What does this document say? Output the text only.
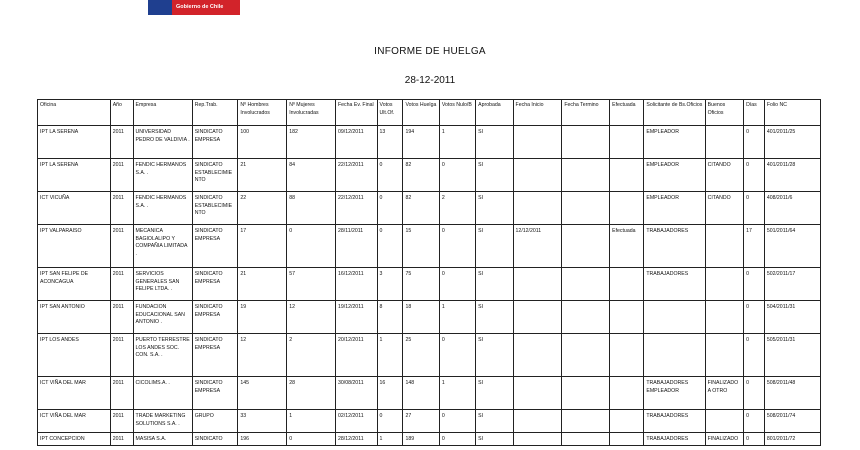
Gobierno de Chile
INFORME DE HUELGA
28-12-2011
Oficina	Año	Empresa	Rep.Trab.	Nº Hombres Involucrados	Nº Mujeres Involucradas	Fecha Ev. Final	Votos Ult.Of.	Votos Huelga	Votos Nulo/B	Aprobada	Fecha Inicio	Fecha Termino	Efectuada	Solicitante de Bs.Oficios	Buenos Oficios	Días	Folio NC
IPT LA SERENA	2011	UNIVERSIDAD PEDRO DE VALDIVIA .	SINDICATO EMPRESA	100	182	09/12/2011	13	194	1	SI				EMPLEADOR		0	401/2011/25
IPT LA SERENA	2011	FENDIC HERMANOS S.A. .	SINDICATO ESTABLECIMIENTO	21	84	22/12/2011	0	82	0	SI				EMPLEADOR	CITANDO	0	401/2011/28
ICT VICUÑA	2011	FENDIC HERMANOS S.A. .	SINDICATO ESTABLECIMIENTO	22	88	22/12/2011	0	82	2	SI				EMPLEADOR	CITANDO	0	408/2011/6
IPT VALPARAISO	2011	MECANICA BAGIOLALIPO Y COMPAÑIA LIMITADA .	SINDICATO EMPRESA	17	0	28/11/2011	0	15	0	SI	12/12/2011		Efectuada	TRABAJADORES		17	501/2011/64
IPT SAN FELIPE DE ACONCAGUA	2011	SERVICIOS GENERALES SAN FELIPE LTDA. .	SINDICATO EMPRESA	21	57	16/12/2011	3	75	0	SI				TRABAJADORES		0	502/2011/17
IPT SAN ANTONIO	2011	FUNDACION EDUCACIONAL SAN ANTONIO .	SINDICATO EMPRESA	19	12	19/12/2011	8	18	1	SI						0	504/2011/31
IPT LOS ANDES	2011	PUERTO TERRESTRE LOS ANDES SOC. CON. S.A. .	SINDICATO EMPRESA	12	2	20/12/2011	1	25	0	SI						0	505/2011/31
ICT VIÑA DEL MAR	2011	CICOLIMS.A. .	SINDICATO EMPRESA	145	28	30/08/2011	16	148	1	SI				TRABAJADORES EMPLEADOR	FINALIZADO A OTRO	0	508/2011/48
ICT VIÑA DEL MAR	2011	TRADE MARKETING SOLUTIONS S.A. .	GRUPO	33	1	02/12/2011	0	27	0	SI				TRABAJADORES		0	508/2011/74
IPT CONCEPCION	2011	MASISA S.A.	SINDICATO	196	0	28/12/2011	1	189	0	SI				TRABAJADORES	FINALIZADO	0	801/2011/72
